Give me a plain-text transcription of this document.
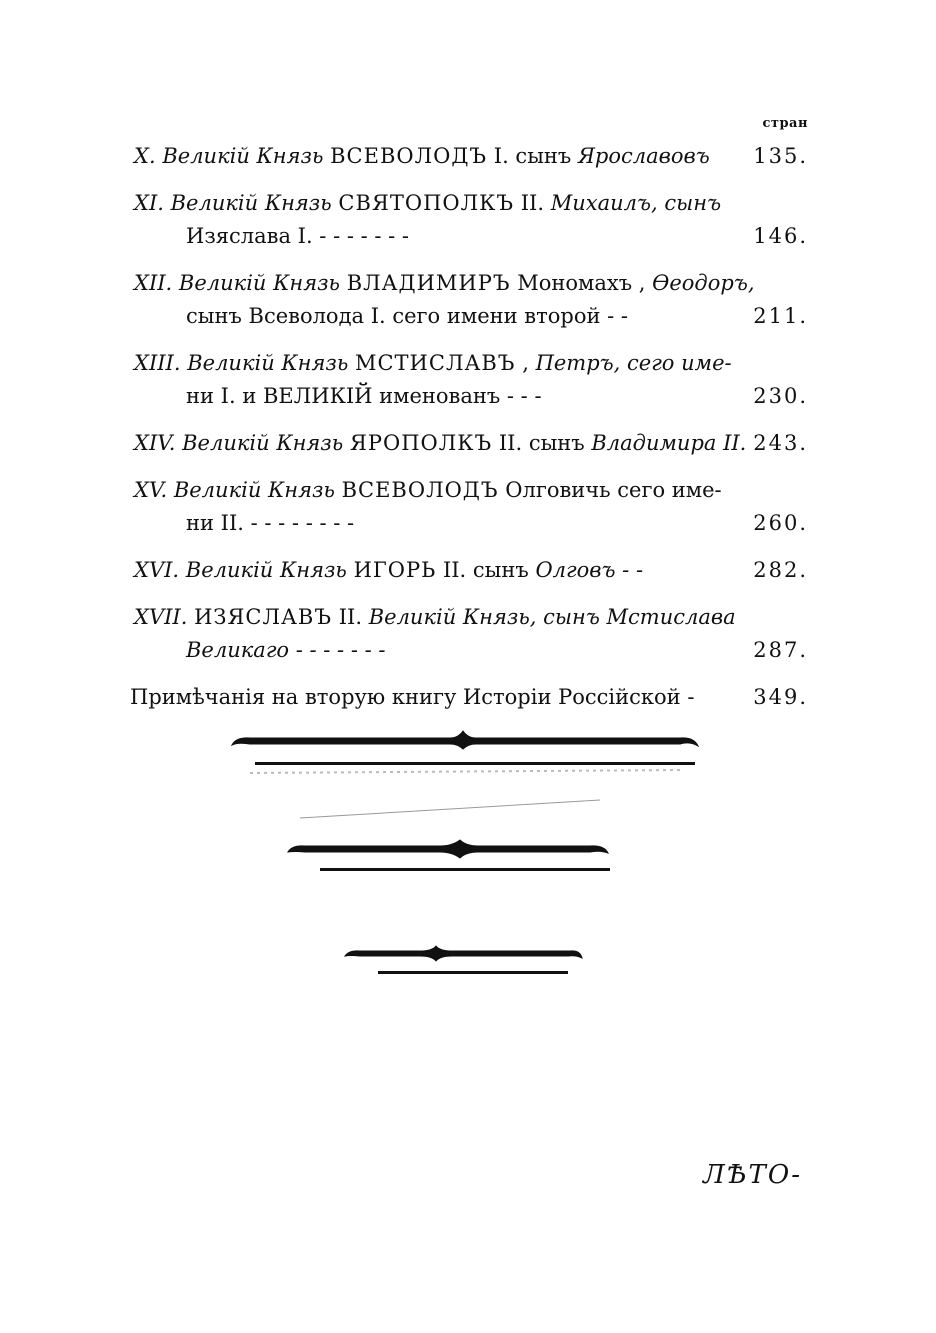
стран
X. Великій Князь ВСЕВОЛОДЪ I. сынъ Ярославовъ	135.
XI. Великій Князь СВЯТОПОЛКЪ II. Михаилъ, сынъ
Изяслава I. - - - - - - -	146.
XII. Великій Князь ВЛАДИМИРЪ Мономахъ , Ѳеодоръ,
сынъ Всеволода I. сего имени второй - -	211.
XIII. Великій Князь МСТИСЛАВЪ , Петръ, сего име-
ни I. и ВЕЛИКІЙ именованъ - - -	230.
XIV. Великій Князь ЯРОПОЛКЪ II. сынъ Владимира II. 243.
XV. Великій Князь ВСЕВОЛОДЪ Олговичь сего име-
ни II. - - - - - - - -	260.
XVI. Великій Князь ИГОРЬ II. сынъ Олговъ - -	282.
XVII. ИЗЯСЛАВЪ II. Великій Князь, сынъ Мстислава
Великаго - - - - - - -	287.
Примѣчанія на вторую книгу Исторіи Россійской -	349.
ЛѢТО-
